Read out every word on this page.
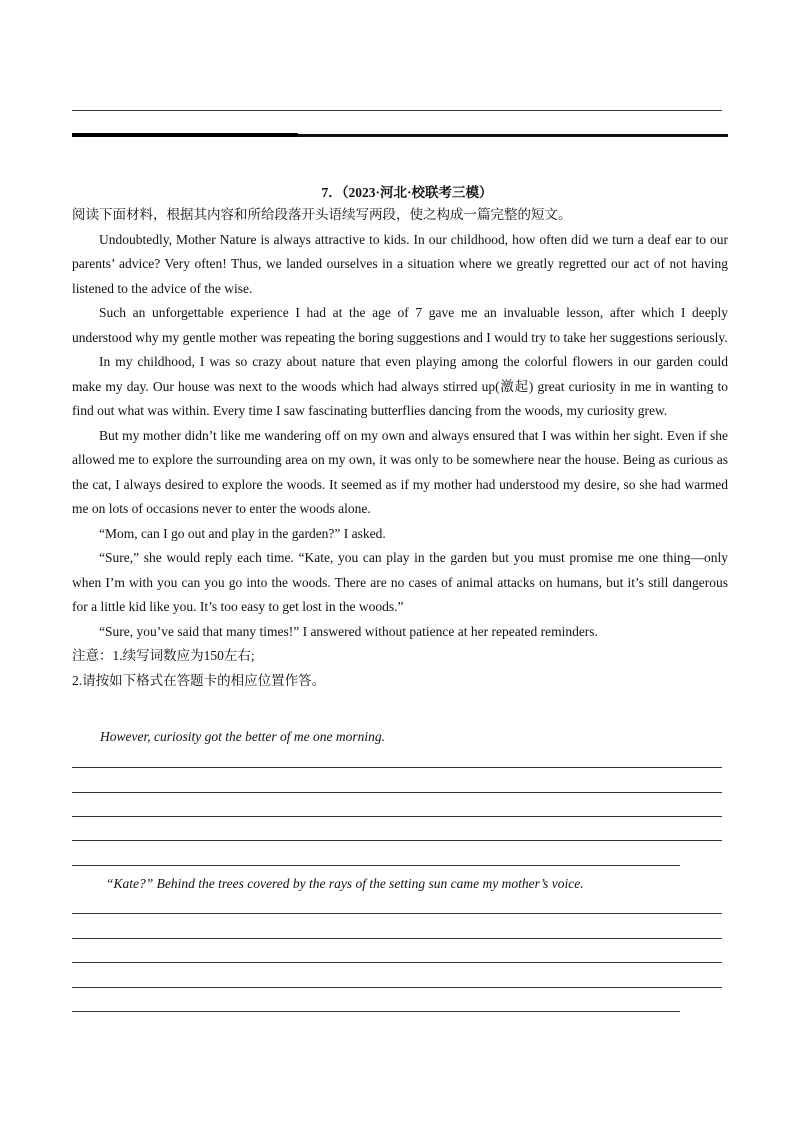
7．（2023·河北·校联考三模）

阅读下面材料，根据其内容和所给段落开头语续写两段，使之构成一篇完整的短文。

Undoubtedly, Mother Nature is always attractive to kids. In our childhood, how often did we turn a deaf ear to our parents’ advice? Very often! Thus, we landed ourselves in a situation where we greatly regretted our act of not having listened to the advice of the wise.

Such an unforgettable experience I had at the age of 7 gave me an invaluable lesson, after which I deeply understood why my gentle mother was repeating the boring suggestions and I would try to take her suggestions seriously.

In my childhood, I was so crazy about nature that even playing among the colorful flowers in our garden could make my day. Our house was next to the woods which had always stirred up(激起) great curiosity in me in wanting to find out what was within. Every time I saw fascinating butterflies dancing from the woods, my curiosity grew.

But my mother didn’t like me wandering off on my own and always ensured that I was within her sight. Even if she allowed me to explore the surrounding area on my own, it was only to be somewhere near the house. Being as curious as the cat, I always desired to explore the woods. It seemed as if my mother had understood my desire, so she had warmed me on lots of occasions never to enter the woods alone.

“Mom, can I go out and play in the garden?” I asked.

“Sure,” she would reply each time. “Kate, you can play in the garden but you must promise me one thing—only when I’m with you can you go into the woods. There are no cases of animal attacks on humans, but it’s still dangerous for a little kid like you. It’s too easy to get lost in the woods.”

“Sure, you’ve said that many times!” I answered without patience at her repeated reminders.

注意：1.续写词数应为150左右;

2.请按如下格式在答题卡的相应位置作答。

However, curiosity got the better of me one morning.

“Kate?” Behind the trees covered by the rays of the setting sun came my mother’s voice.
